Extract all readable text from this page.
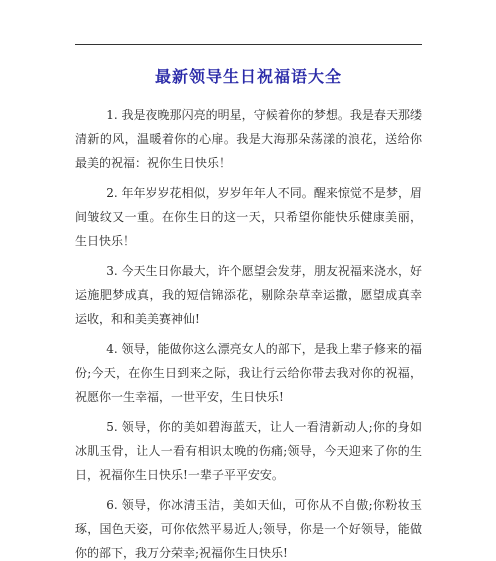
最新领导生日祝福语大全

1. 我是夜晚那闪亮的明星，守候着你的梦想。我是春天那缕清新的风，温暖着你的心扉。我是大海那朵荡漾的浪花，送给你最美的祝福：祝你生日快乐！

2. 年年岁岁花相似，岁岁年年人不同。醒来惊觉不是梦，眉间皱纹又一重。在你生日的这一天，只希望你能快乐健康美丽，生日快乐！

3. 今天生日你最大，许个愿望会发芽，朋友祝福来浇水，好运施肥梦成真，我的短信锦添花，剔除杂草幸运撒，愿望成真幸运收，和和美美赛神仙!

4. 领导，能做你这么漂亮女人的部下，是我上辈子修来的福份;今天，在你生日到来之际，我让行云给你带去我对你的祝福，祝愿你一生幸福，一世平安，生日快乐!

5. 领导，你的美如碧海蓝天，让人一看清新动人;你的身如冰肌玉骨，让人一看有相识太晚的伤痛;领导，今天迎来了你的生日，祝福你生日快乐!一辈子平平安安。

6. 领导，你冰清玉洁，美如天仙，可你从不自傲;你粉妆玉琢，国色天姿，可你依然平易近人;领导，你是一个好领导，能做你的部下，我万分荣幸;祝福你生日快乐!
